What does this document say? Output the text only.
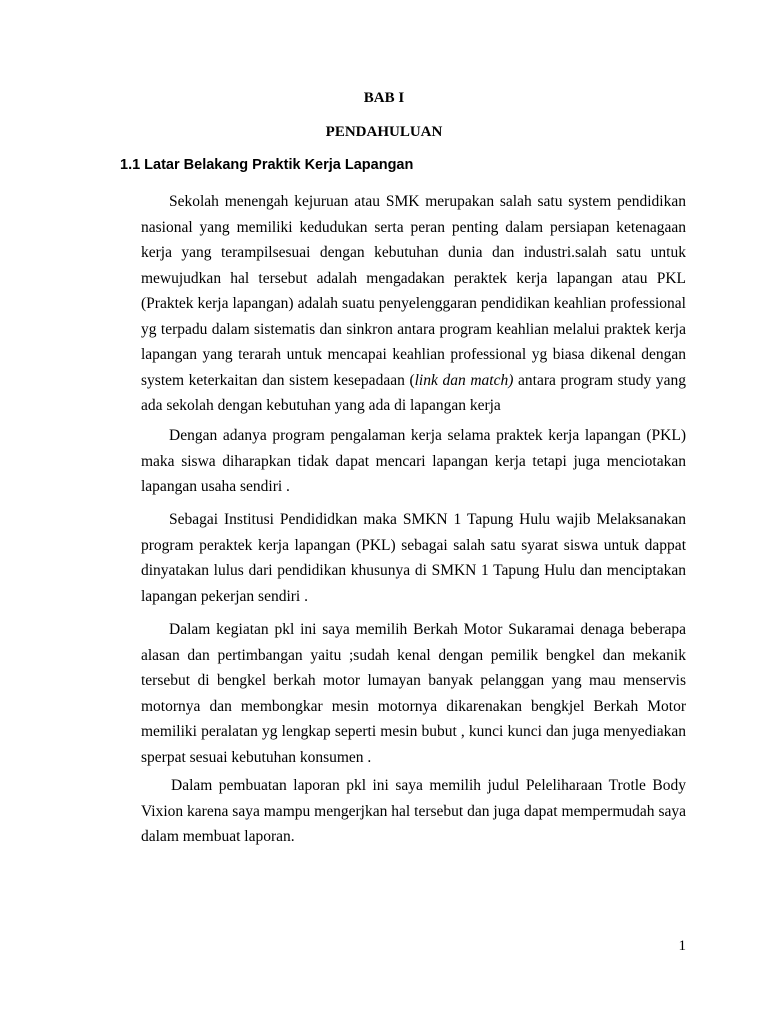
BAB I

PENDAHULUAN

1.1 Latar Belakang Praktik Kerja Lapangan

Sekolah menengah kejuruan atau SMK merupakan salah satu system pendidikan nasional yang memiliki kedudukan serta peran penting dalam persiapan ketenagaan kerja yang terampilsesuai dengan kebutuhan dunia dan industri.salah satu untuk mewujudkan hal tersebut adalah mengadakan peraktek kerja lapangan atau PKL (Praktek kerja lapangan) adalah suatu penyelenggaran pendidikan keahlian professional yg terpadu dalam sistematis dan sinkron antara program keahlian melalui praktek kerja lapangan yang terarah untuk mencapai keahlian professional yg biasa dikenal dengan system keterkaitan dan sistem kesepadaan (link dan match) antara program study yang ada sekolah dengan kebutuhan yang ada di lapangan kerja

Dengan adanya program pengalaman kerja selama praktek kerja lapangan (PKL) maka siswa diharapkan tidak dapat mencari lapangan kerja tetapi juga menciotakan lapangan usaha sendiri .

Sebagai Institusi Pendididkan maka SMKN 1 Tapung Hulu wajib Melaksanakan program peraktek kerja lapangan (PKL) sebagai salah satu syarat siswa untuk dappat dinyatakan lulus dari pendidikan khusunya di SMKN 1 Tapung Hulu dan menciptakan lapangan pekerjan sendiri .

Dalam kegiatan pkl ini saya memilih Berkah Motor Sukaramai denaga beberapa alasan dan pertimbangan yaitu ;sudah kenal dengan pemilik bengkel dan mekanik tersebut di bengkel berkah motor lumayan banyak pelanggan yang mau menservis motornya dan membongkar mesin motornya dikarenakan bengkjel Berkah Motor memiliki peralatan yg lengkap seperti mesin bubut , kunci kunci dan juga menyediakan sperpat sesuai kebutuhan konsumen .

Dalam pembuatan laporan pkl ini saya memilih judul Peleliharaan Trotle Body Vixion karena saya mampu mengerjkan hal tersebut dan juga dapat mempermudah saya dalam membuat laporan.

1
